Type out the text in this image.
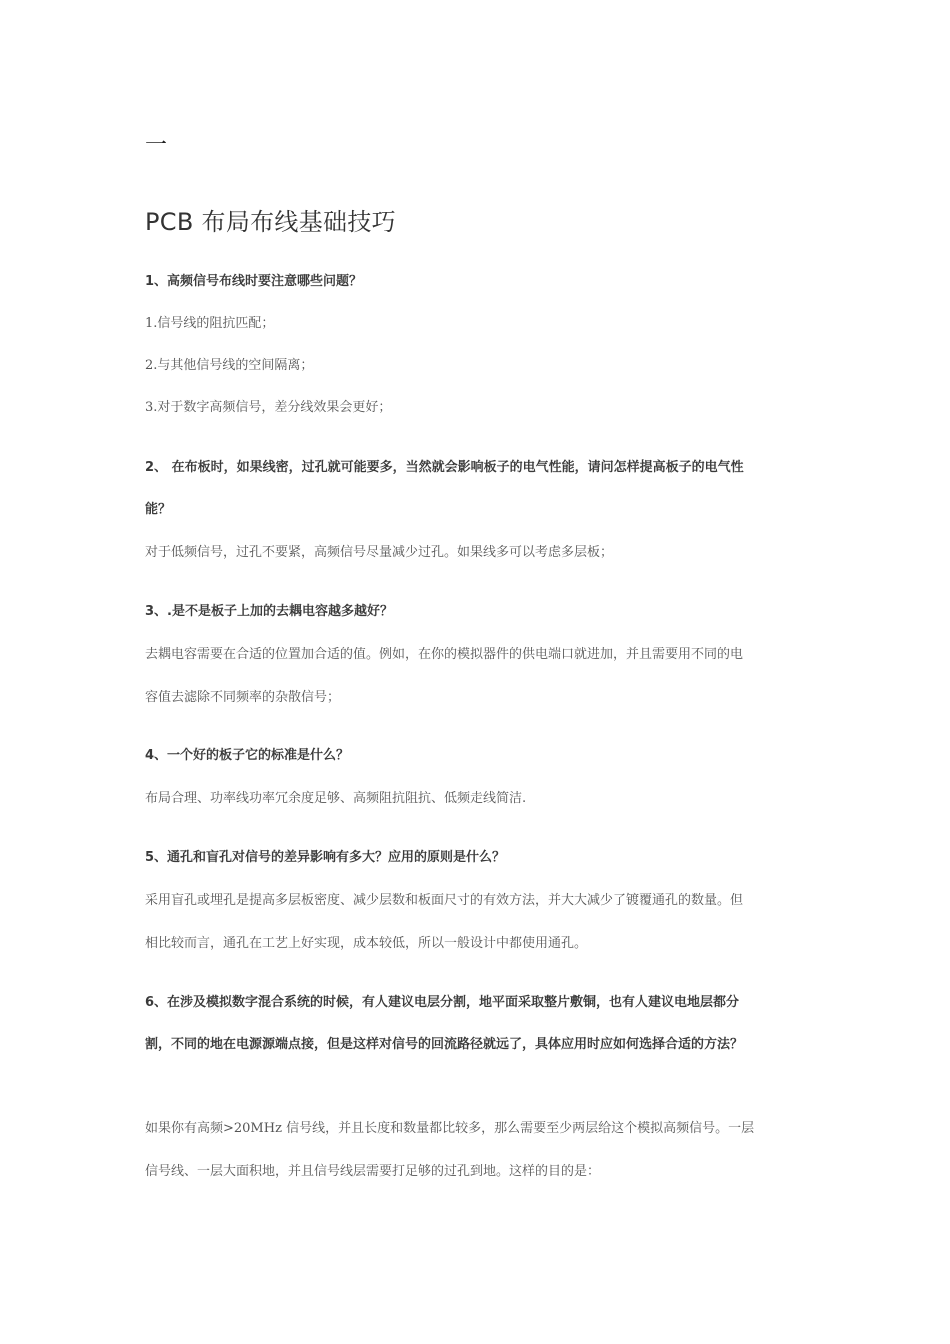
一
PCB 布局布线基础技巧
1、高频信号布线时要注意哪些问题？
1.信号线的阻抗匹配；
2.与其他信号线的空间隔离；
3.对于数字高频信号，差分线效果会更好；
2、 在布板时，如果线密，过孔就可能要多，当然就会影响板子的电气性能，请问怎样提高板子的电气性
能？
对于低频信号，过孔不要紧，高频信号尽量减少过孔。如果线多可以考虑多层板；
3、.是不是板子上加的去耦电容越多越好？
去耦电容需要在合适的位置加合适的值。例如，在你的模拟器件的供电端口就进加，并且需要用不同的电
容值去滤除不同频率的杂散信号；
4、一个好的板子它的标准是什么？
布局合理、功率线功率冗余度足够、高频阻抗阻抗、低频走线简洁.
5、通孔和盲孔对信号的差异影响有多大？应用的原则是什么？
采用盲孔或埋孔是提高多层板密度、减少层数和板面尺寸的有效方法，并大大减少了镀覆通孔的数量。但
相比较而言，通孔在工艺上好实现，成本较低，所以一般设计中都使用通孔。
6、在涉及模拟数字混合系统的时候，有人建议电层分割，地平面采取整片敷铜，也有人建议电地层都分
割，不同的地在电源源端点接，但是这样对信号的回流路径就远了，具体应用时应如何选择合适的方法？
如果你有高频>20MHz 信号线，并且长度和数量都比较多，那么需要至少两层给这个模拟高频信号。一层
信号线、一层大面积地，并且信号线层需要打足够的过孔到地。这样的目的是：
